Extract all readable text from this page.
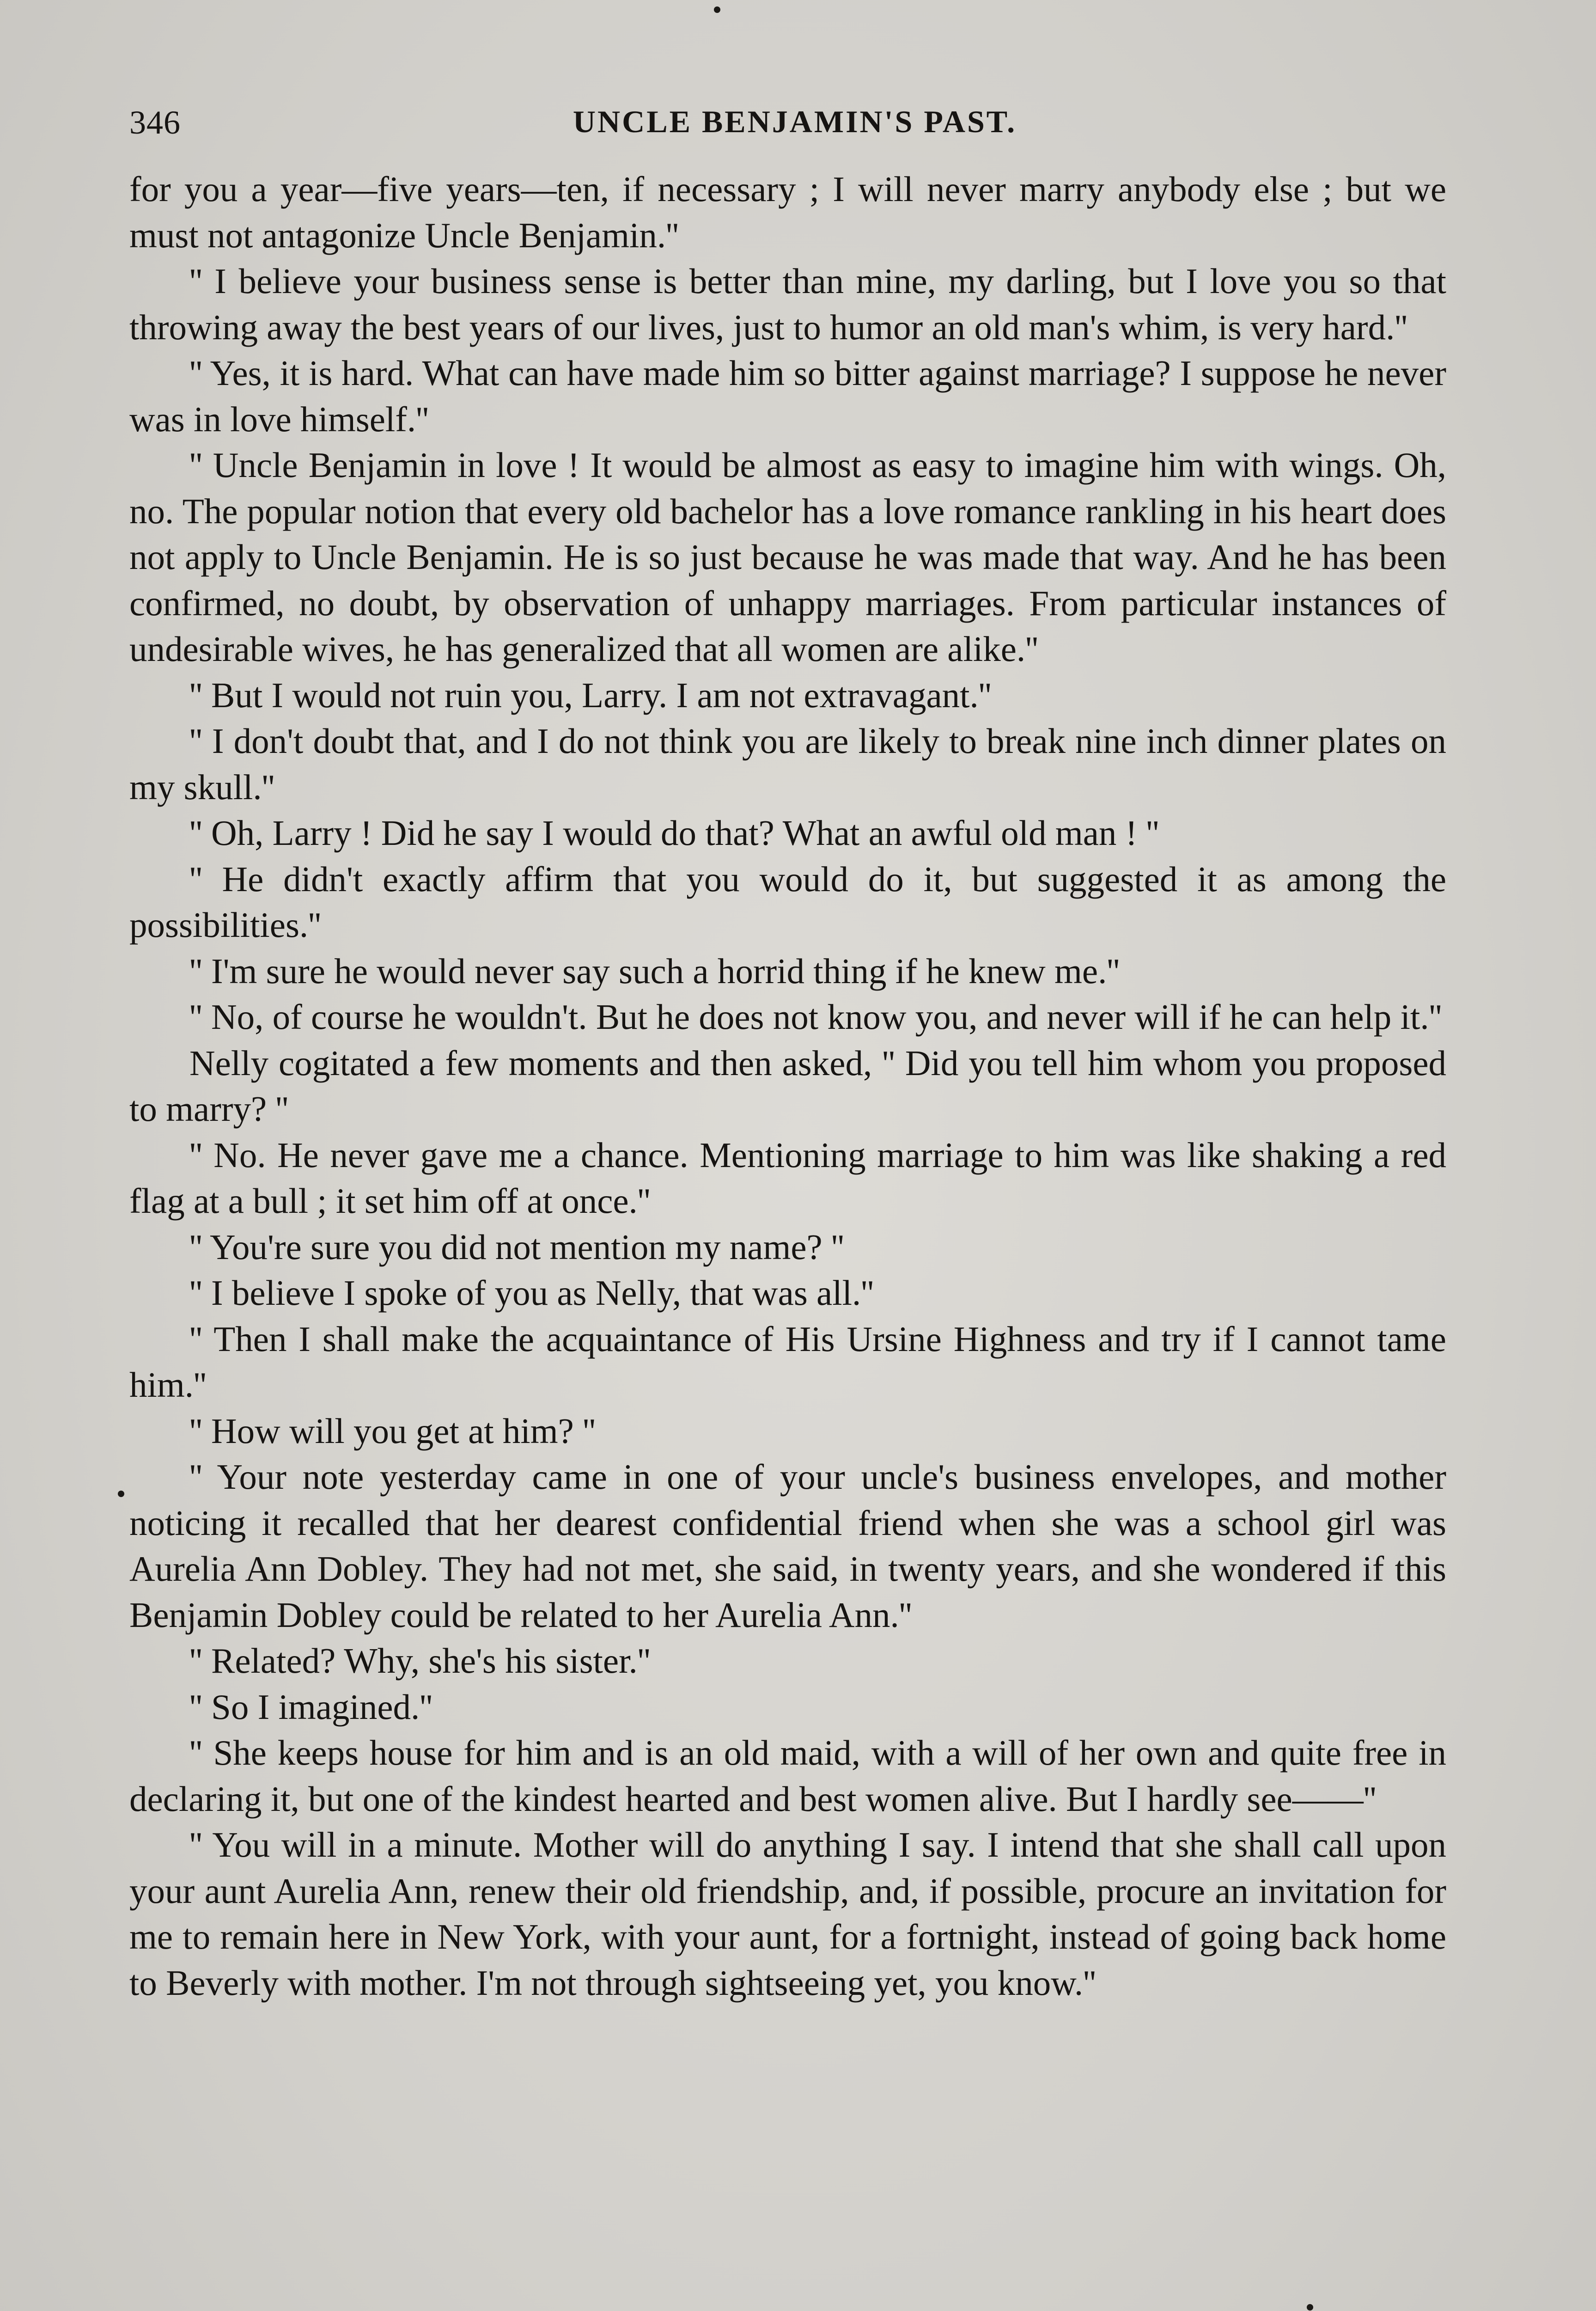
346	UNCLE BENJAMIN'S PAST.

for you a year—five years—ten, if necessary ; I will never marry anybody else ; but we must not antagonize Uncle Benjamin.''

'' I believe your business sense is better than mine, my darling, but I love you so that throwing away the best years of our lives, just to humor an old man's whim, is very hard.''

'' Yes, it is hard. What can have made him so bitter against marriage? I suppose he never was in love himself.''

'' Uncle Benjamin in love ! It would be almost as easy to imagine him with wings. Oh, no. The popular notion that every old bachelor has a love romance rankling in his heart does not apply to Uncle Benjamin. He is so just because he was made that way. And he has been confirmed, no doubt, by observation of unhappy marriages. From particular instances of undesirable wives, he has generalized that all women are alike.''

'' But I would not ruin you, Larry. I am not extravagant.''

'' I don't doubt that, and I do not think you are likely to break nine inch dinner plates on my skull.''

'' Oh, Larry ! Did he say I would do that? What an awful old man ! ''

'' He didn't exactly affirm that you would do it, but suggested it as among the possibilities.''

'' I'm sure he would never say such a horrid thing if he knew me.''

'' No, of course he wouldn't. But he does not know you, and never will if he can help it.''

Nelly cogitated a few moments and then asked, '' Did you tell him whom you proposed to marry? ''

'' No. He never gave me a chance. Mentioning marriage to him was like shaking a red flag at a bull ; it set him off at once.''

'' You're sure you did not mention my name? ''

'' I believe I spoke of you as Nelly, that was all.''

'' Then I shall make the acquaintance of His Ursine Highness and try if I cannot tame him.''

'' How will you get at him? ''

'' Your note yesterday came in one of your uncle's business envelopes, and mother noticing it recalled that her dearest confidential friend when she was a school girl was Aurelia Ann Dobley. They had not met, she said, in twenty years, and she wondered if this Benjamin Dobley could be related to her Aurelia Ann.''

'' Related? Why, she's his sister.''

'' So I imagined.''

'' She keeps house for him and is an old maid, with a will of her own and quite free in declaring it, but one of the kindest hearted and best women alive. But I hardly see——''

'' You will in a minute. Mother will do anything I say. I intend that she shall call upon your aunt Aurelia Ann, renew their old friendship, and, if possible, procure an invitation for me to remain here in New York, with your aunt, for a fortnight, instead of going back home to Beverly with mother. I'm not through sightseeing yet, you know.''
